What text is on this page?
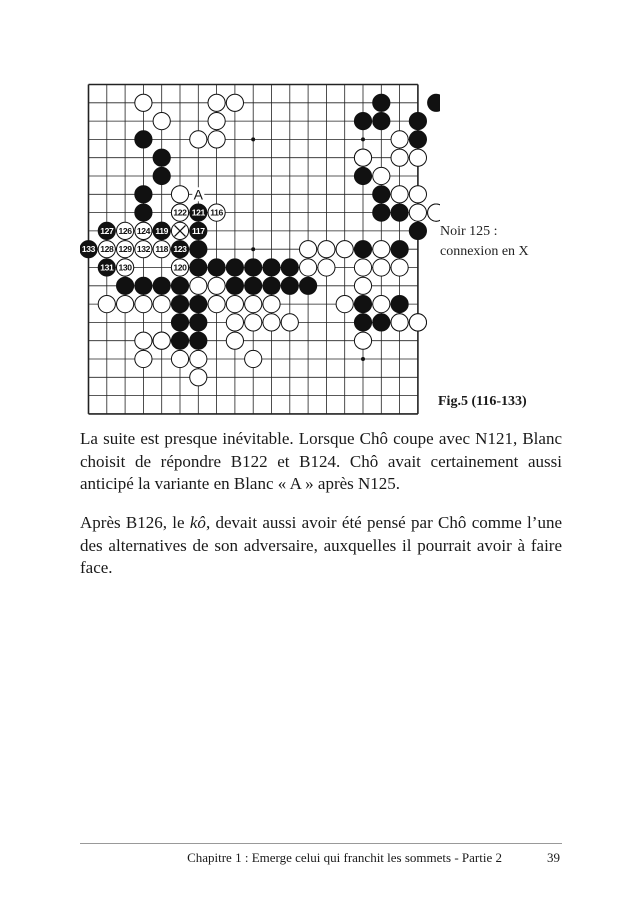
121
119	117
123
127
133
131
122	116
126 124
128 129 132 118
130	120
A
Noir 125 :
connexion en X
Fig.5 (116-133)
La suite est presque inévitable. Lorsque Chô coupe avec N121, Blanc choisit de répondre B122 et B124. Chô avait certainement aussi anticipé la variante en Blanc « A » après N125.
Après B126, le kô, devait aussi avoir été pensé par Chô comme l’une des alternatives de son adversaire, auxquelles il pourrait avoir à faire face.
Chapitre 1 : Emerge celui qui franchit les sommets - Partie 2	39
